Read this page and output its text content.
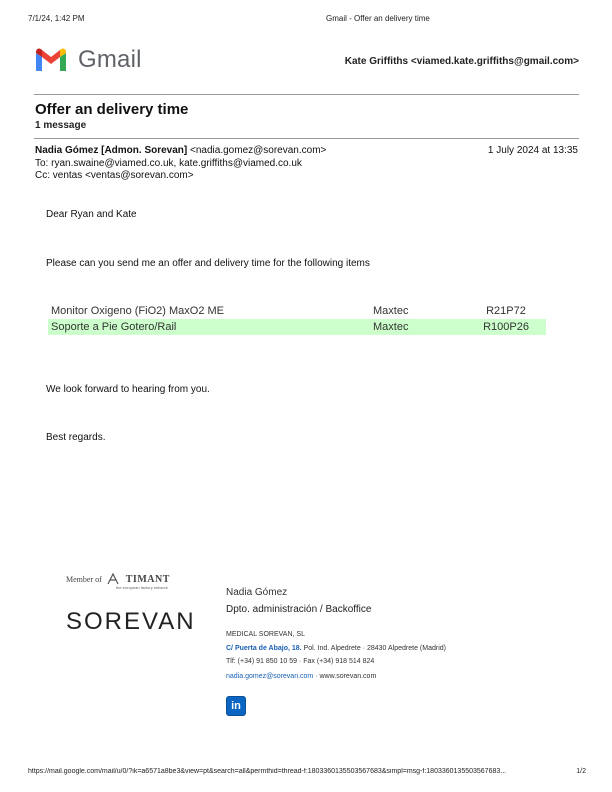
7/1/24, 1:42 PM	Gmail - Offer an delivery time
Gmail	Kate Griffiths <viamed.kate.griffiths@gmail.com>
Offer an delivery time
1 message
Nadia Gómez [Admon. Sorevan] <nadia.gomez@sorevan.com>	1 July 2024 at 13:35
To: ryan.swaine@viamed.co.uk, kate.griffiths@viamed.co.uk
Cc: ventas <ventas@sorevan.com>
Dear Ryan and Kate
Please can you send me an offer and delivery time for the following items
Monitor Oxigeno (FiO2) MaxO2 ME	Maxtec	R21P72
Soporte a Pie Gotero/Rail	Maxtec	R100P26
We look forward to hearing from you.
Best regards.
Member of TIMANT
the european factory network
SOREVAN
Nadia Gómez
Dpto. administración / Backoffice
MEDICAL SOREVAN, SL
C/ Puerta de Abajo, 18. Pol. Ind. Alpedrete · 28430 Alpedrete (Madrid)
Tlf: (+34) 91 850 10 59 · Fax (+34) 918 514 824
nadia.gomez@sorevan.com · www.sorevan.com
in
https://mail.google.com/mail/u/0/?ik=a6571a8be3&view=pt&search=all&permthid=thread-f:1803360135503567683&simpl=msg-f:1803360135503567683...	1/2
